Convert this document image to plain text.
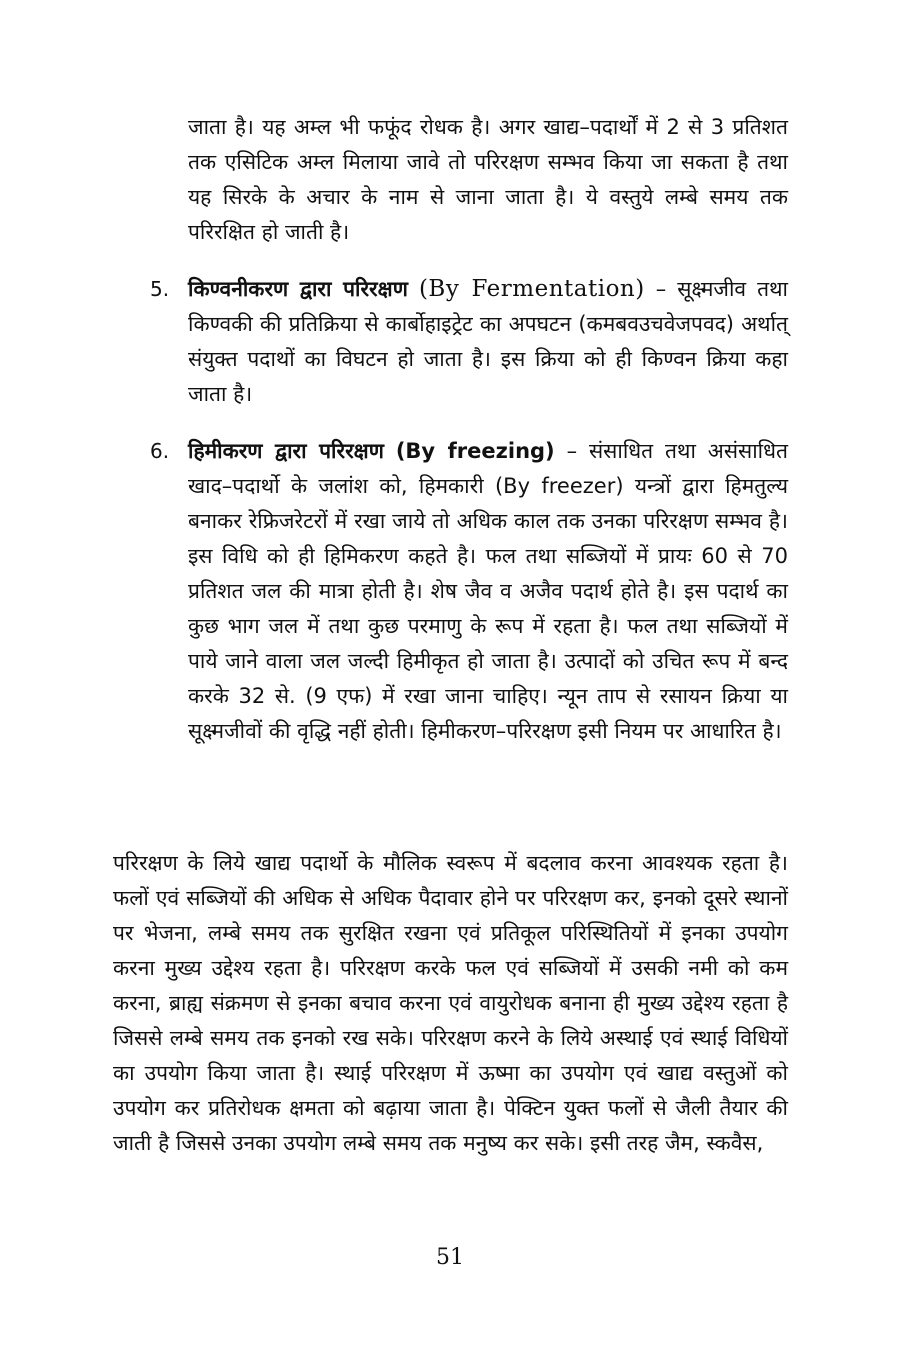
जाता है। यह अम्ल भी फफूंद रोधक है। अगर खाद्य–पदार्थों में 2 से 3 प्रतिशत तक एसिटिक अम्ल मिलाया जावे तो परिरक्षण सम्भव किया जा सकता है तथा यह सिरके के अचार के नाम से जाना जाता है। ये वस्तुये लम्बे समय तक परिरक्षित हो जाती है।

5. किण्वनीकरण द्वारा परिरक्षण (By Fermentation) – सूक्ष्मजीव तथा किण्वकी की प्रतिक्रिया से कार्बोहाइट्रेट का अपघटन (कमबवउचवेजपवद) अर्थात् संयुक्त पदाथों का विघटन हो जाता है। इस क्रिया को ही किण्वन क्रिया कहा जाता है।
6. हिमीकरण द्वारा परिरक्षण (By freezing) – संसाधित तथा असंसाधित खाद–पदार्थो के जलांश को, हिमकारी (By freezer) यन्त्रों द्वारा हिमतुल्य बनाकर रेफ्रिजरेटरों में रखा जाये तो अधिक काल तक उनका परिरक्षण सम्भव है। इस विधि को ही हिमिकरण कहते है। फल तथा सब्जियों में प्रायः 60 से 70 प्रतिशत जल की मात्रा होती है। शेष जैव व अजैव पदार्थ होते है। इस पदार्थ का कुछ भाग जल में तथा कुछ परमाणु के रूप में रहता है। फल तथा सब्जियों में पाये जाने वाला जल जल्दी हिमीकृत हो जाता है। उत्पादों को उचित रूप में बन्द करके 32 से. (9 एफ) में रखा जाना चाहिए। न्यून ताप से रसायन क्रिया या सूक्ष्मजीवों की वृद्धि नहीं होती। हिमीकरण–परिरक्षण इसी नियम पर आधारित है।

परिरक्षण के लिये खाद्य पदार्थो के मौलिक स्वरूप में बदलाव करना आवश्यक रहता है। फलों एवं सब्जियों की अधिक से अधिक पैदावार होने पर परिरक्षण कर, इनको दूसरे स्थानों पर भेजना, लम्बे समय तक सुरक्षित रखना एवं प्रतिकूल परिस्थितियों में इनका उपयोग करना मुख्य उद्देश्य रहता है। परिरक्षण करके फल एवं सब्जियों में उसकी नमी को कम करना, ब्राह्य संक्रमण से इनका बचाव करना एवं वायुरोधक बनाना ही मुख्य उद्देश्य रहता है जिससे लम्बे समय तक इनको रख सके। परिरक्षण करने के लिये अस्थाई एवं स्थाई विधियों का उपयोग किया जाता है। स्थाई परिरक्षण में ऊष्मा का उपयोग एवं खाद्य वस्तुओं को उपयोग कर प्रतिरोधक क्षमता को बढ़ाया जाता है। पेक्टिन युक्त फलों से जैली तैयार की जाती है जिससे उनका उपयोग लम्बे समय तक मनुष्य कर सके। इसी तरह जैम, स्कवैस,

51
